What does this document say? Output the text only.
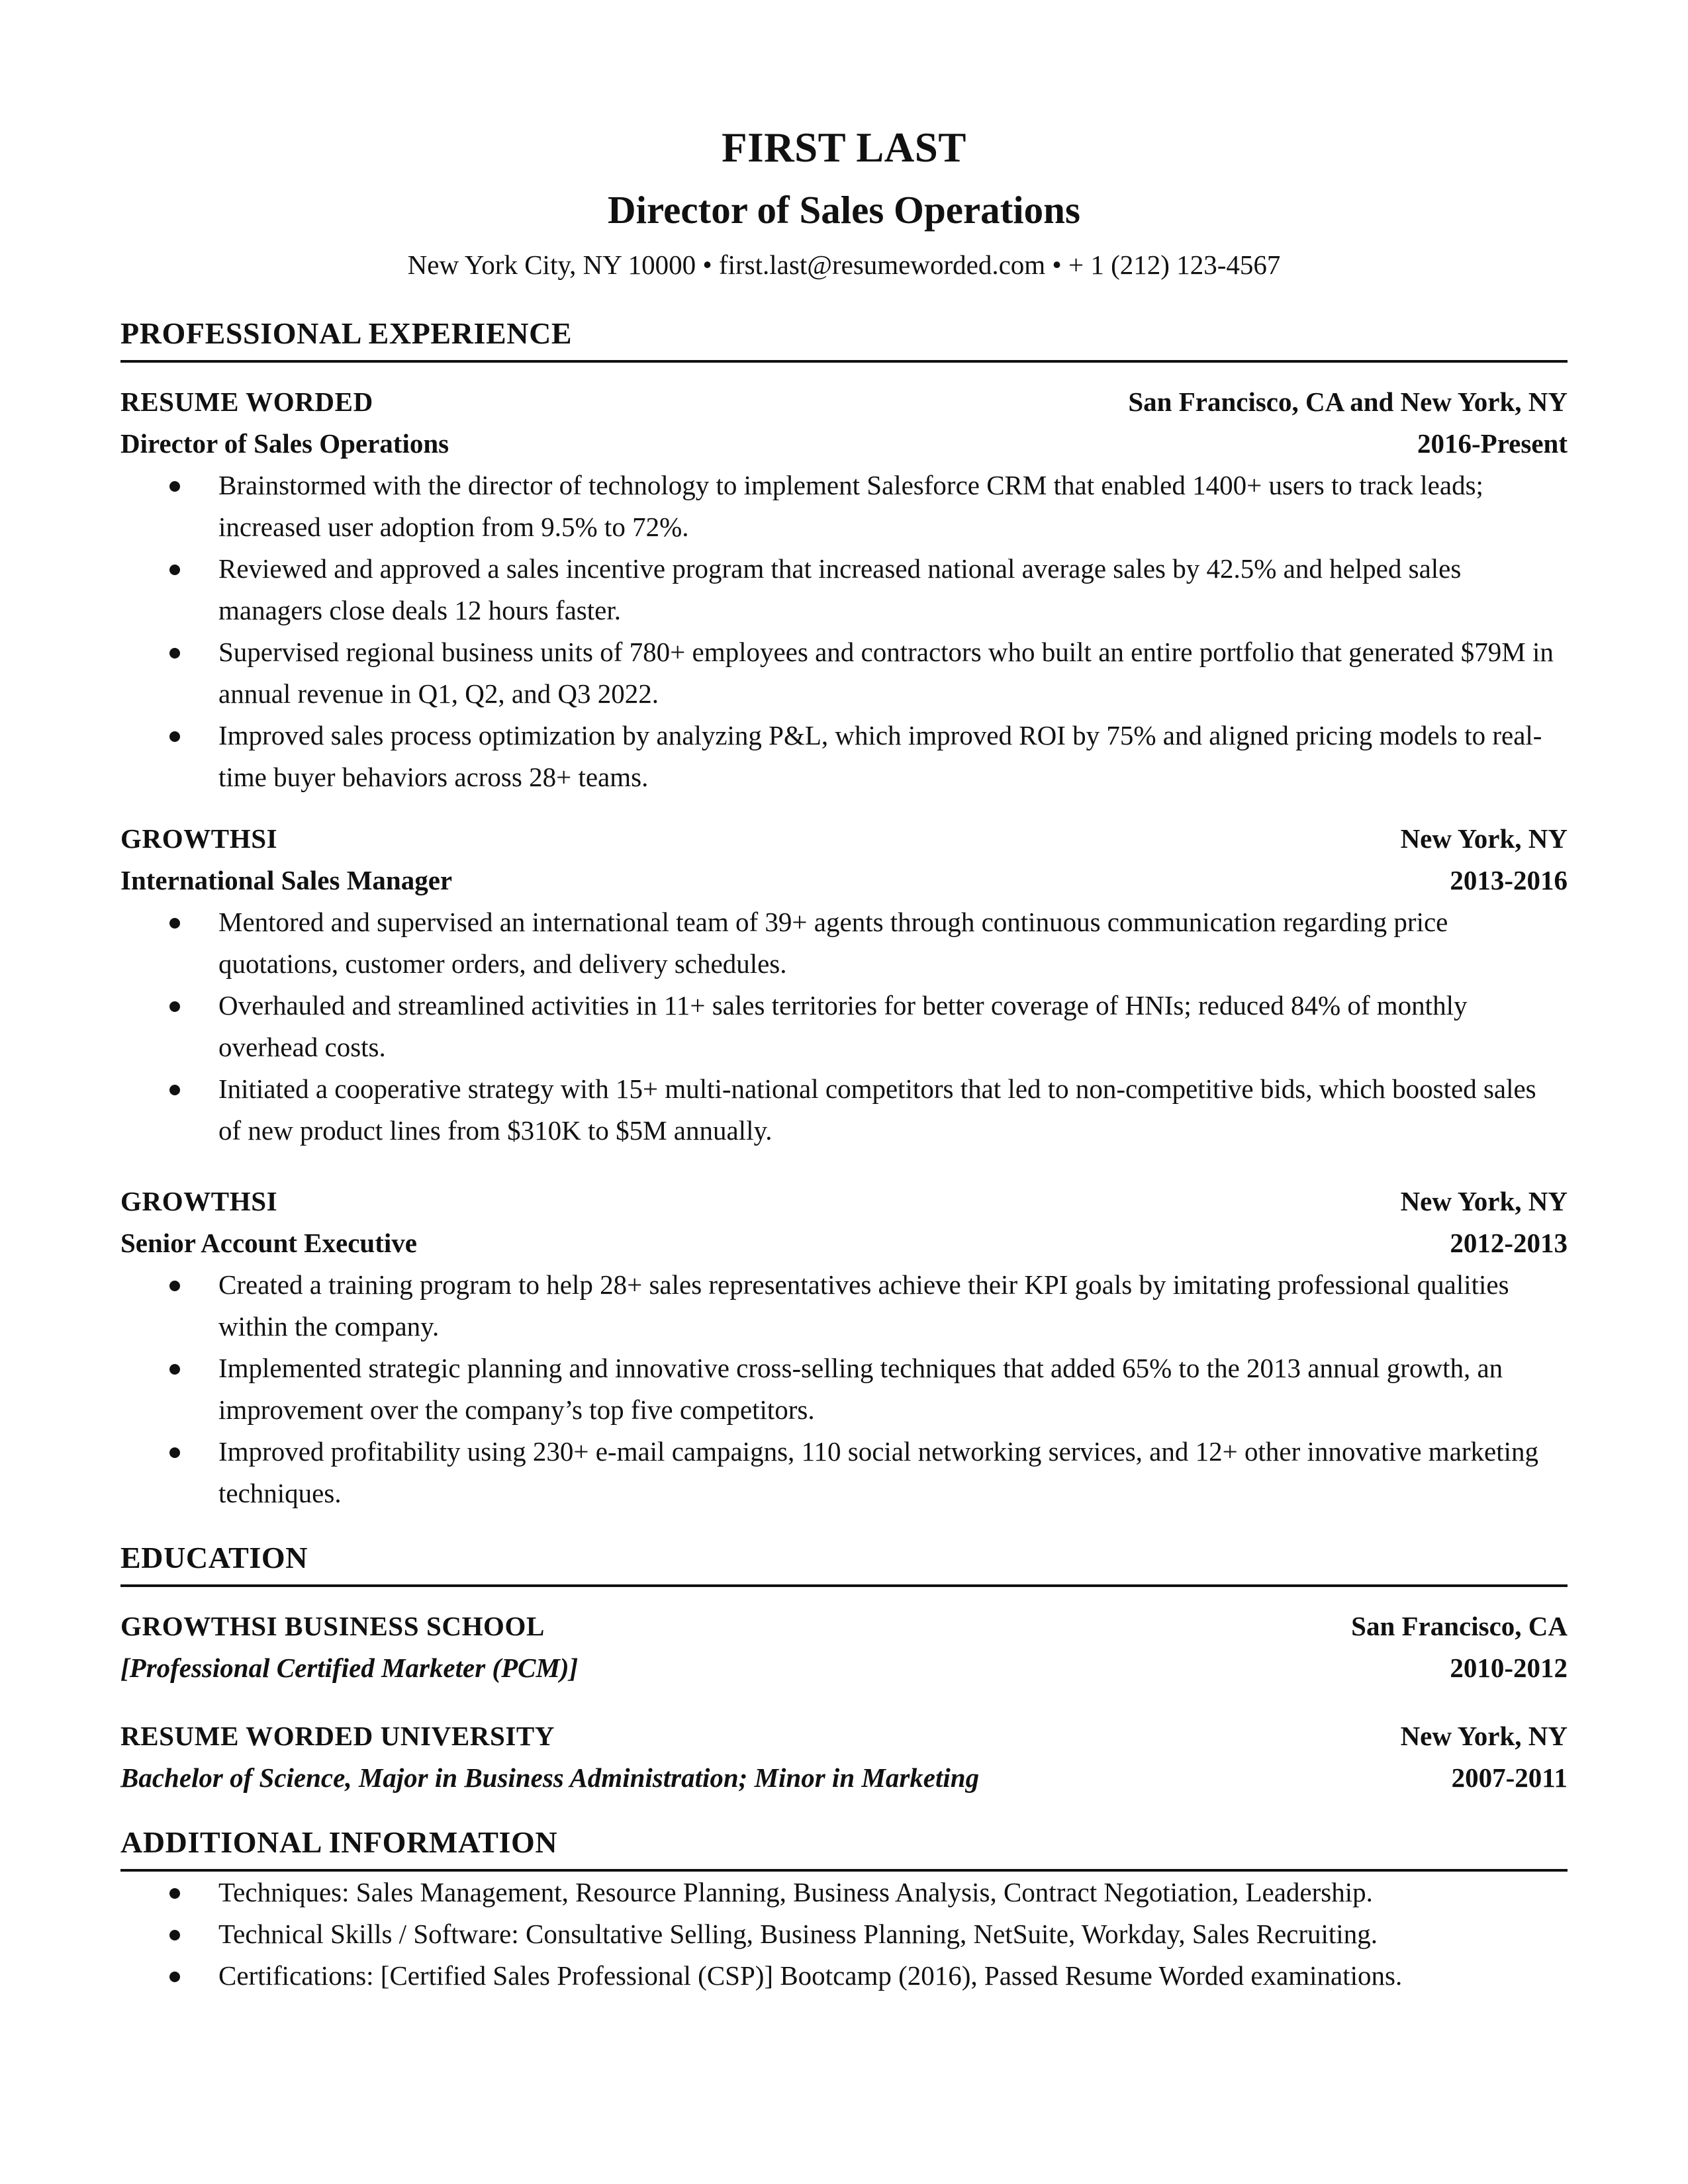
FIRST LAST
Director of Sales Operations
New York City, NY 10000 • first.last@resumeworded.com • + 1 (212) 123-4567
PROFESSIONAL EXPERIENCE
RESUME WORDED	San Francisco, CA and New York, NY
Director of Sales Operations	2016-Present
Brainstormed with the director of technology to implement Salesforce CRM that enabled 1400+ users to track leads; increased user adoption from 9.5% to 72%.
Reviewed and approved a sales incentive program that increased national average sales by 42.5% and helped sales managers close deals 12 hours faster.
Supervised regional business units of 780+ employees and contractors who built an entire portfolio that generated $79M in annual revenue in Q1, Q2, and Q3 2022.
Improved sales process optimization by analyzing P&L, which improved ROI by 75% and aligned pricing models to real-time buyer behaviors across 28+ teams.
GROWTHSI	New York, NY
International Sales Manager	2013-2016
Mentored and supervised an international team of 39+ agents through continuous communication regarding price quotations, customer orders, and delivery schedules.
Overhauled and streamlined activities in 11+ sales territories for better coverage of HNIs; reduced 84% of monthly overhead costs.
Initiated a cooperative strategy with 15+ multi-national competitors that led to non-competitive bids, which boosted sales of new product lines from $310K to $5M annually.
GROWTHSI	New York, NY
Senior Account Executive	2012-2013
Created a training program to help 28+ sales representatives achieve their KPI goals by imitating professional qualities within the company.
Implemented strategic planning and innovative cross-selling techniques that added 65% to the 2013 annual growth, an improvement over the company’s top five competitors.
Improved profitability using 230+ e-mail campaigns, 110 social networking services, and 12+ other innovative marketing techniques.
EDUCATION
GROWTHSI BUSINESS SCHOOL	San Francisco, CA
[Professional Certified Marketer (PCM)]	2010-2012
RESUME WORDED UNIVERSITY	New York, NY
Bachelor of Science, Major in Business Administration; Minor in Marketing	2007-2011
ADDITIONAL INFORMATION
Techniques: Sales Management, Resource Planning, Business Analysis, Contract Negotiation, Leadership.
Technical Skills / Software: Consultative Selling, Business Planning, NetSuite, Workday, Sales Recruiting.
Certifications: [Certified Sales Professional (CSP)] Bootcamp (2016), Passed Resume Worded examinations.
